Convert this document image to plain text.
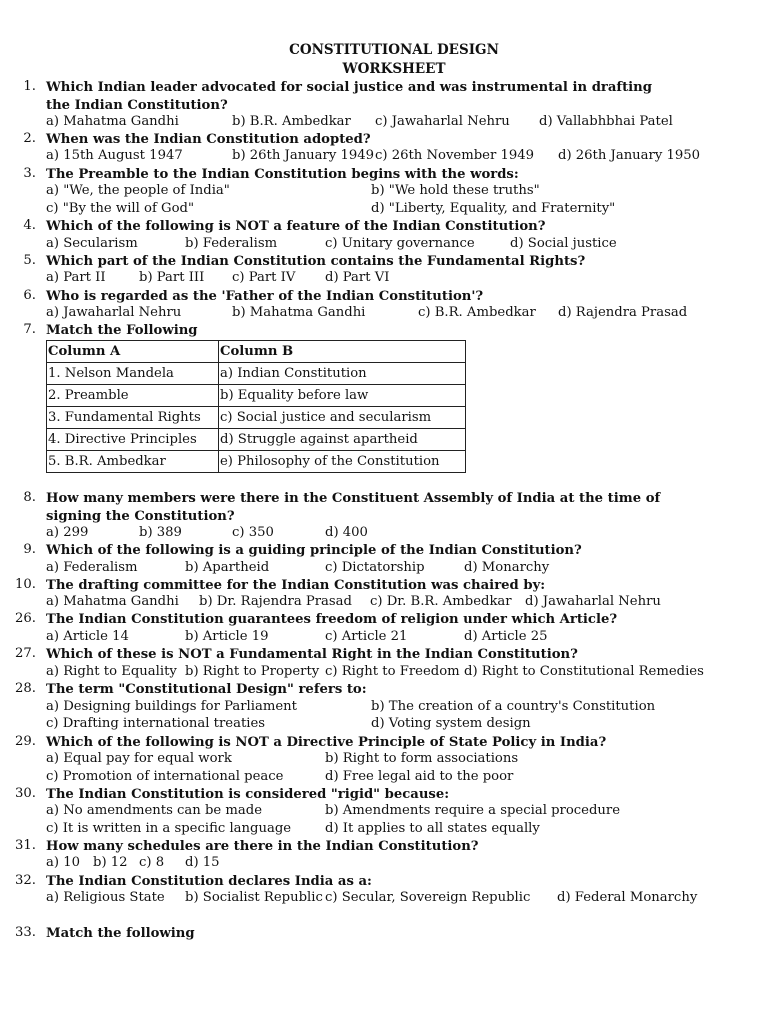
CONSTITUTIONAL DESIGN
WORKSHEET
1. Which Indian leader advocated for social justice and was instrumental in drafting the Indian Constitution?
a) Mahatma Gandhi	b) B.R. Ambedkar c) Jawaharlal Nehru d) Vallabhbhai Patel
2. When was the Indian Constitution adopted?
a) 15th August 1947	b) 26th January 1949 c) 26th November 1949 d) 26th January 1950
3. The Preamble to the Indian Constitution begins with the words:
a) "We, the people of India"	b) "We hold these truths"
c) "By the will of God"	d) "Liberty, Equality, and Fraternity"
4. Which of the following is NOT a feature of the Indian Constitution?
a) Secularism	b) Federalism	c) Unitary governance	d) Social justice
5. Which part of the Indian Constitution contains the Fundamental Rights?
a) Part II	b) Part III c) Part IV d) Part VI
6. Who is regarded as the 'Father of the Indian Constitution'?
a) Jawaharlal Nehru	b) Mahatma Gandhi	c) B.R. Ambedkar d) Rajendra Prasad
7. Match the Following
Column A	Column B
1. Nelson Mandela	a) Indian Constitution
2. Preamble	b) Equality before law
3. Fundamental Rights	c) Social justice and secularism
4. Directive Principles	d) Struggle against apartheid
5. B.R. Ambedkar	e) Philosophy of the Constitution
8. How many members were there in the Constituent Assembly of India at the time of signing the Constitution?
a) 299	b) 389	c) 350	d) 400
9. Which of the following is a guiding principle of the Indian Constitution?
a) Federalism	b) Apartheid	c) Dictatorship	d) Monarchy
10. The drafting committee for the Indian Constitution was chaired by:
a) Mahatma Gandhi b) Dr. Rajendra Prasad c) Dr. B.R. Ambedkar d) Jawaharlal Nehru
26. The Indian Constitution guarantees freedom of religion under which Article?
a) Article 14	b) Article 19	c) Article 21	d) Article 25
27. Which of these is NOT a Fundamental Right in the Indian Constitution?
a) Right to Equality b) Right to Property c) Right to Freedom d) Right to Constitutional Remedies
28. The term "Constitutional Design" refers to:
a) Designing buildings for Parliament	b) The creation of a country's Constitution
c) Drafting international treaties	d) Voting system design
29. Which of the following is NOT a Directive Principle of State Policy in India?
a) Equal pay for equal work	b) Right to form associations
c) Promotion of international peace	d) Free legal aid to the poor
30. The Indian Constitution is considered "rigid" because:
a) No amendments can be made	b) Amendments require a special procedure
c) It is written in a specific language	d) It applies to all states equally
31. How many schedules are there in the Indian Constitution?
a) 10 b) 12 c) 8 d) 15
32. The Indian Constitution declares India as a:
a) Religious State b) Socialist Republic c) Secular, Sovereign Republic d) Federal Monarchy
33. Match the following
